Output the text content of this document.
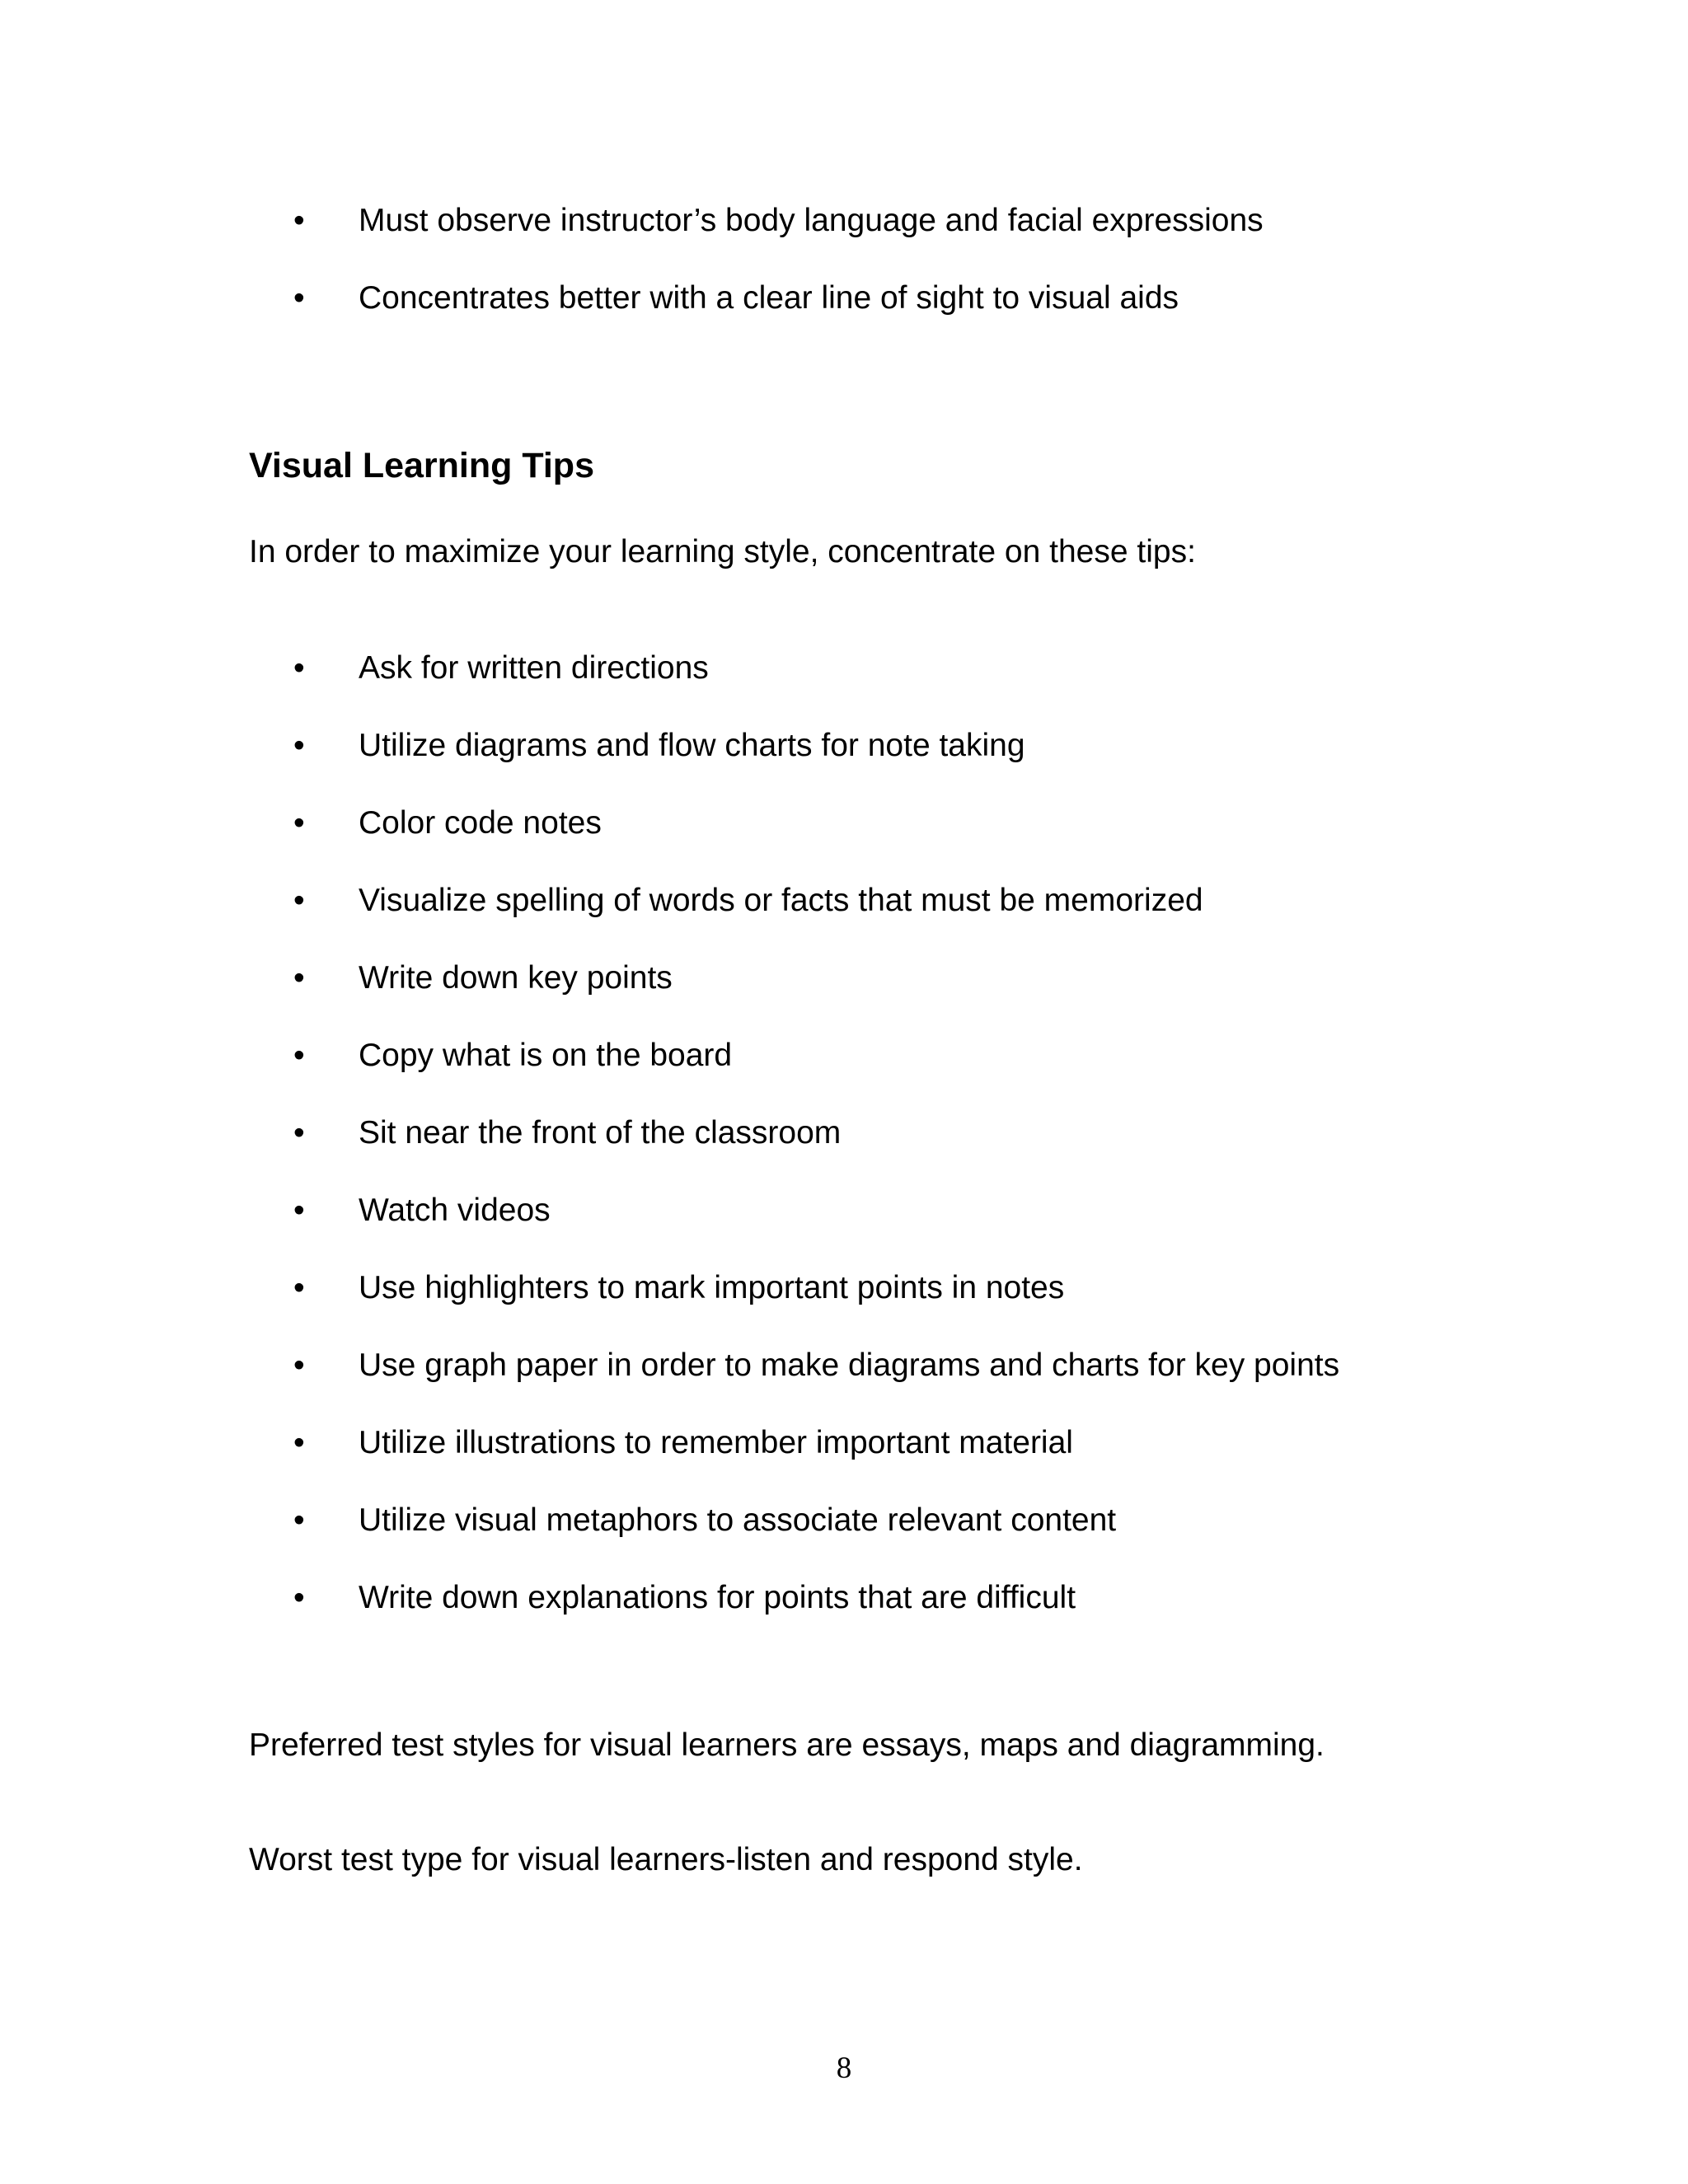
• Must observe instructor’s body language and facial expressions
• Concentrates better with a clear line of sight to visual aids
Visual Learning Tips

In order to maximize your learning style, concentrate on these tips:

• Ask for written directions
• Utilize diagrams and flow charts for note taking
• Color code notes
• Visualize spelling of words or facts that must be memorized
• Write down key points
• Copy what is on the board
• Sit near the front of the classroom
• Watch videos
• Use highlighters to mark important points in notes
• Use graph paper in order to make diagrams and charts for key points
• Utilize illustrations to remember important material
• Utilize visual metaphors to associate relevant content
• Write down explanations for points that are difficult

Preferred test styles for visual learners are essays, maps and diagramming.

Worst test type for visual learners-listen and respond style.

8
